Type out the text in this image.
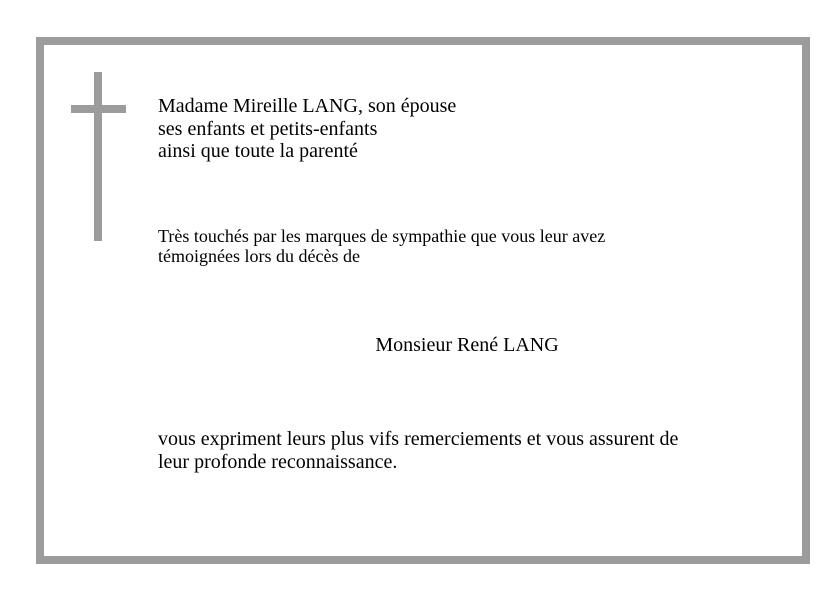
Madame Mireille LANG, son épouse
ses enfants et petits-enfants
ainsi que toute la parenté

Très touchés par les marques de sympathie que vous leur avez
témoignées lors du décès de

Monsieur René LANG

vous expriment leurs plus vifs remerciements et vous assurent de
leur profonde reconnaissance.
